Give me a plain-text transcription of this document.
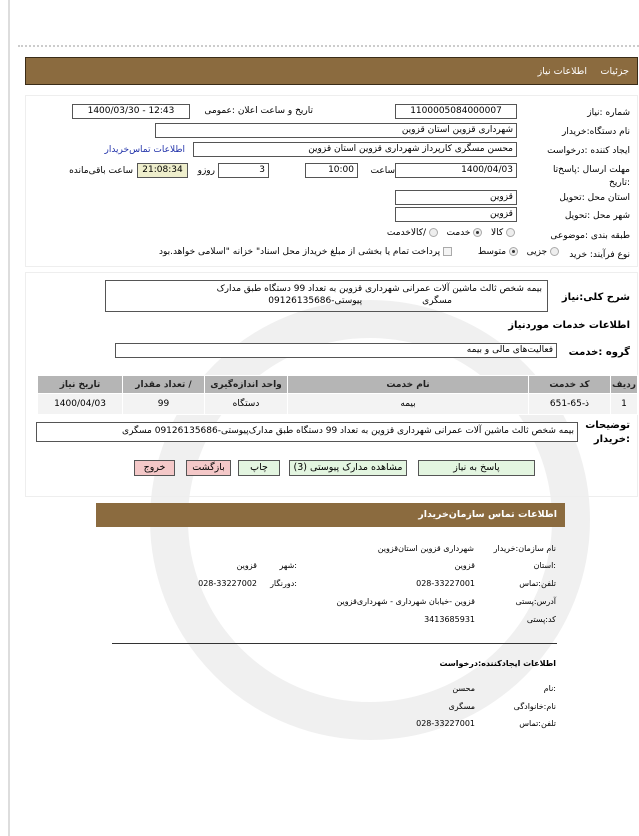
جزئیات
اطلاعات نیاز
شماره :نیاز
1100005084000007
تاریخ و ساعت اعلان :عمومی
1400/03/30 - 12:43
نام دستگاه:خریدار
شهرداری قزوین استان قزوین
ایجاد کننده :درخواست
محسن مسگری کارپرداز شهرداری قزوین استان قزوین
اطلاعات تماس‌خریدار
مهلت ارسال :پاسخ‌تا
:تاریخ
1400/04/03
ساعت
10:00
3
روزو
21:08:34
ساعت باقی‌مانده
استان محل :تحویل
قزوین
شهر محل :تحویل
قزوین
طبقه بندی :موضوعی
کالا    خدمت    /کالاخدمت
نوع فرآیند: خرید
جزیی    متوسط          پرداخت تمام یا بخشی از مبلغ خریداز محل اسناد" خزانه "اسلامی خواهد.بود
شرح کلی:نیاز
بیمه شخص ثالث ماشین آلات عمرانی شهرداری قزوین به تعداد 99 دستگاه طبق مدارک
مسگری
پیوستی-09126135686
اطلاعات خدمات موردنیاز
گروه :خدمت
فعالیت‌های مالی و بیمه
ردیف	کد خدمت	نام خدمت	واحد اندازه‌گیری	/ تعداد مقدار	تاریخ نیاز
1	ذ-65-651	بیمه	دستگاه	99	1400/04/03
توضیحات
:خریدار
بیمه شخص ثالث ماشین آلات عمرانی شهرداری قزوین به تعداد 99 دستگاه طبق مدارک‌پیوستی-09126135686 مسگری
پاسخ به نیاز
مشاهده مدارک پیوستی (3)
چاپ
بازگشت
خروج
اطلاعات تماس سازمان‌خریدار
نام سازمان:خریدار
شهرداری قزوین استان‌قزوین
:استان
قزوین
:شهر
قزوین
تلفن:تماس
028-33227001
:دورنگار
028-33227002
آدرس:پستی
قزوین -خیابان شهرداری - شهرداری‌قزوین
کد:پستی
3413685931
اطلاعات ایجادکننده:درخواست
:نام
محسن
نام:خانوادگی
مسگری
تلفن:تماس
028-33227001
